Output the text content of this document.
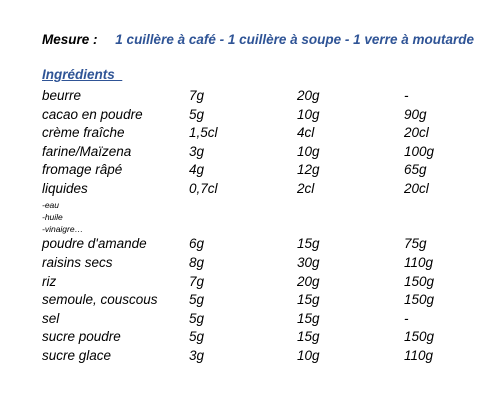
Mesure : 1 cuillère à café - 1 cuillère à soupe - 1 verre à moutarde
Ingrédients_
beurre	7g	20g	-
cacao en poudre	5g	10g	90g
crème fraîche	1,5cl	4cl	20cl
farine/Maïzena	3g	10g	100g
fromage râpé	4g	12g	65g
liquides	0,7cl	2cl	20cl
-eau
-huile
-vinaigre…
poudre d'amande	6g	15g	75g
raisins secs	8g	30g	110g
riz	7g	20g	150g
semoule, couscous 5g	15g	150g
sel	5g	15g	-
sucre poudre	5g	15g	150g
sucre glace	3g	10g	110g
